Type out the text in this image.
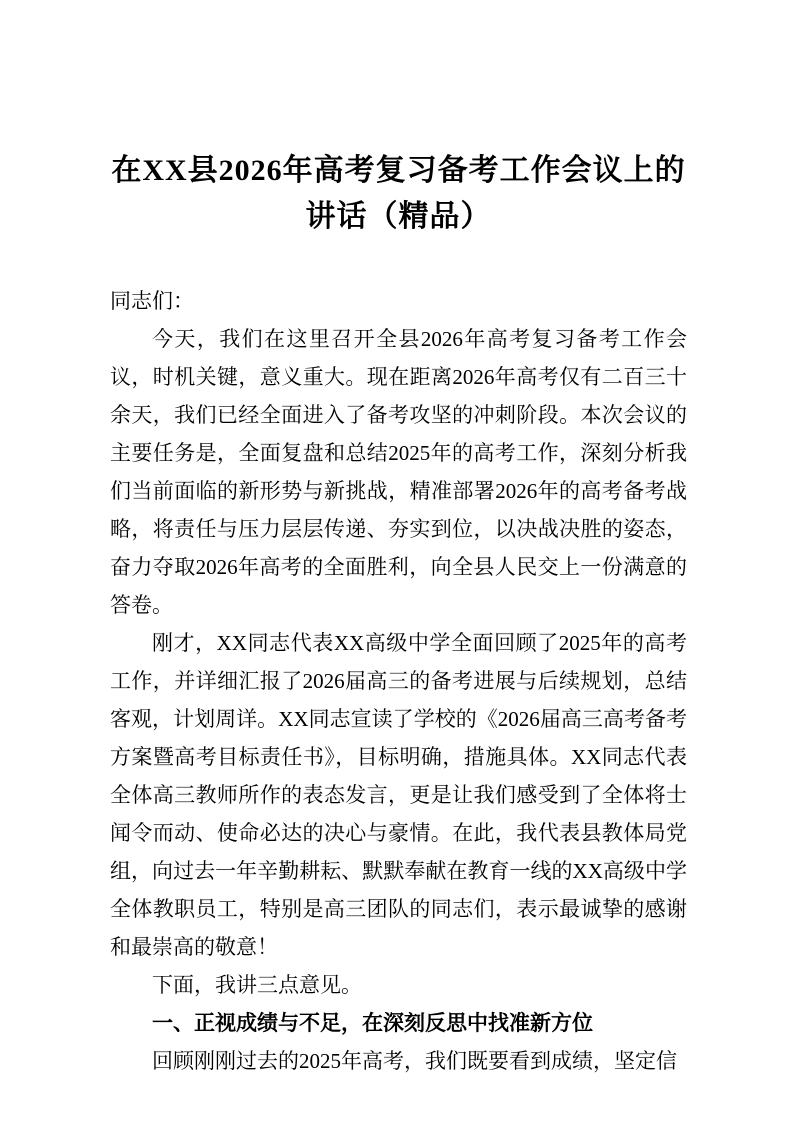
在XX县2026年高考复习备考工作会议上的讲话（精品）

同志们：

今天，我们在这里召开全县2026年高考复习备考工作会议，时机关键，意义重大。现在距离2026年高考仅有二百三十余天，我们已经全面进入了备考攻坚的冲刺阶段。本次会议的主要任务是，全面复盘和总结2025年的高考工作，深刻分析我们当前面临的新形势与新挑战，精准部署2026年的高考备考战略，将责任与压力层层传递、夯实到位，以决战决胜的姿态，奋力夺取2026年高考的全面胜利，向全县人民交上一份满意的答卷。

刚才，XX同志代表XX高级中学全面回顾了2025年的高考工作，并详细汇报了2026届高三的备考进展与后续规划，总结客观，计划周详。XX同志宣读了学校的《2026届高三高考备考方案暨高考目标责任书》，目标明确，措施具体。XX同志代表全体高三教师所作的表态发言，更是让我们感受到了全体将士闻令而动、使命必达的决心与豪情。在此，我代表县教体局党组，向过去一年辛勤耕耘、默默奉献在教育一线的XX高级中学全体教职员工，特别是高三团队的同志们，表示最诚挚的感谢和最崇高的敬意！

下面，我讲三点意见。

一、正视成绩与不足，在深刻反思中找准新方位

回顾刚刚过去的2025年高考，我们既要看到成绩，坚定信
